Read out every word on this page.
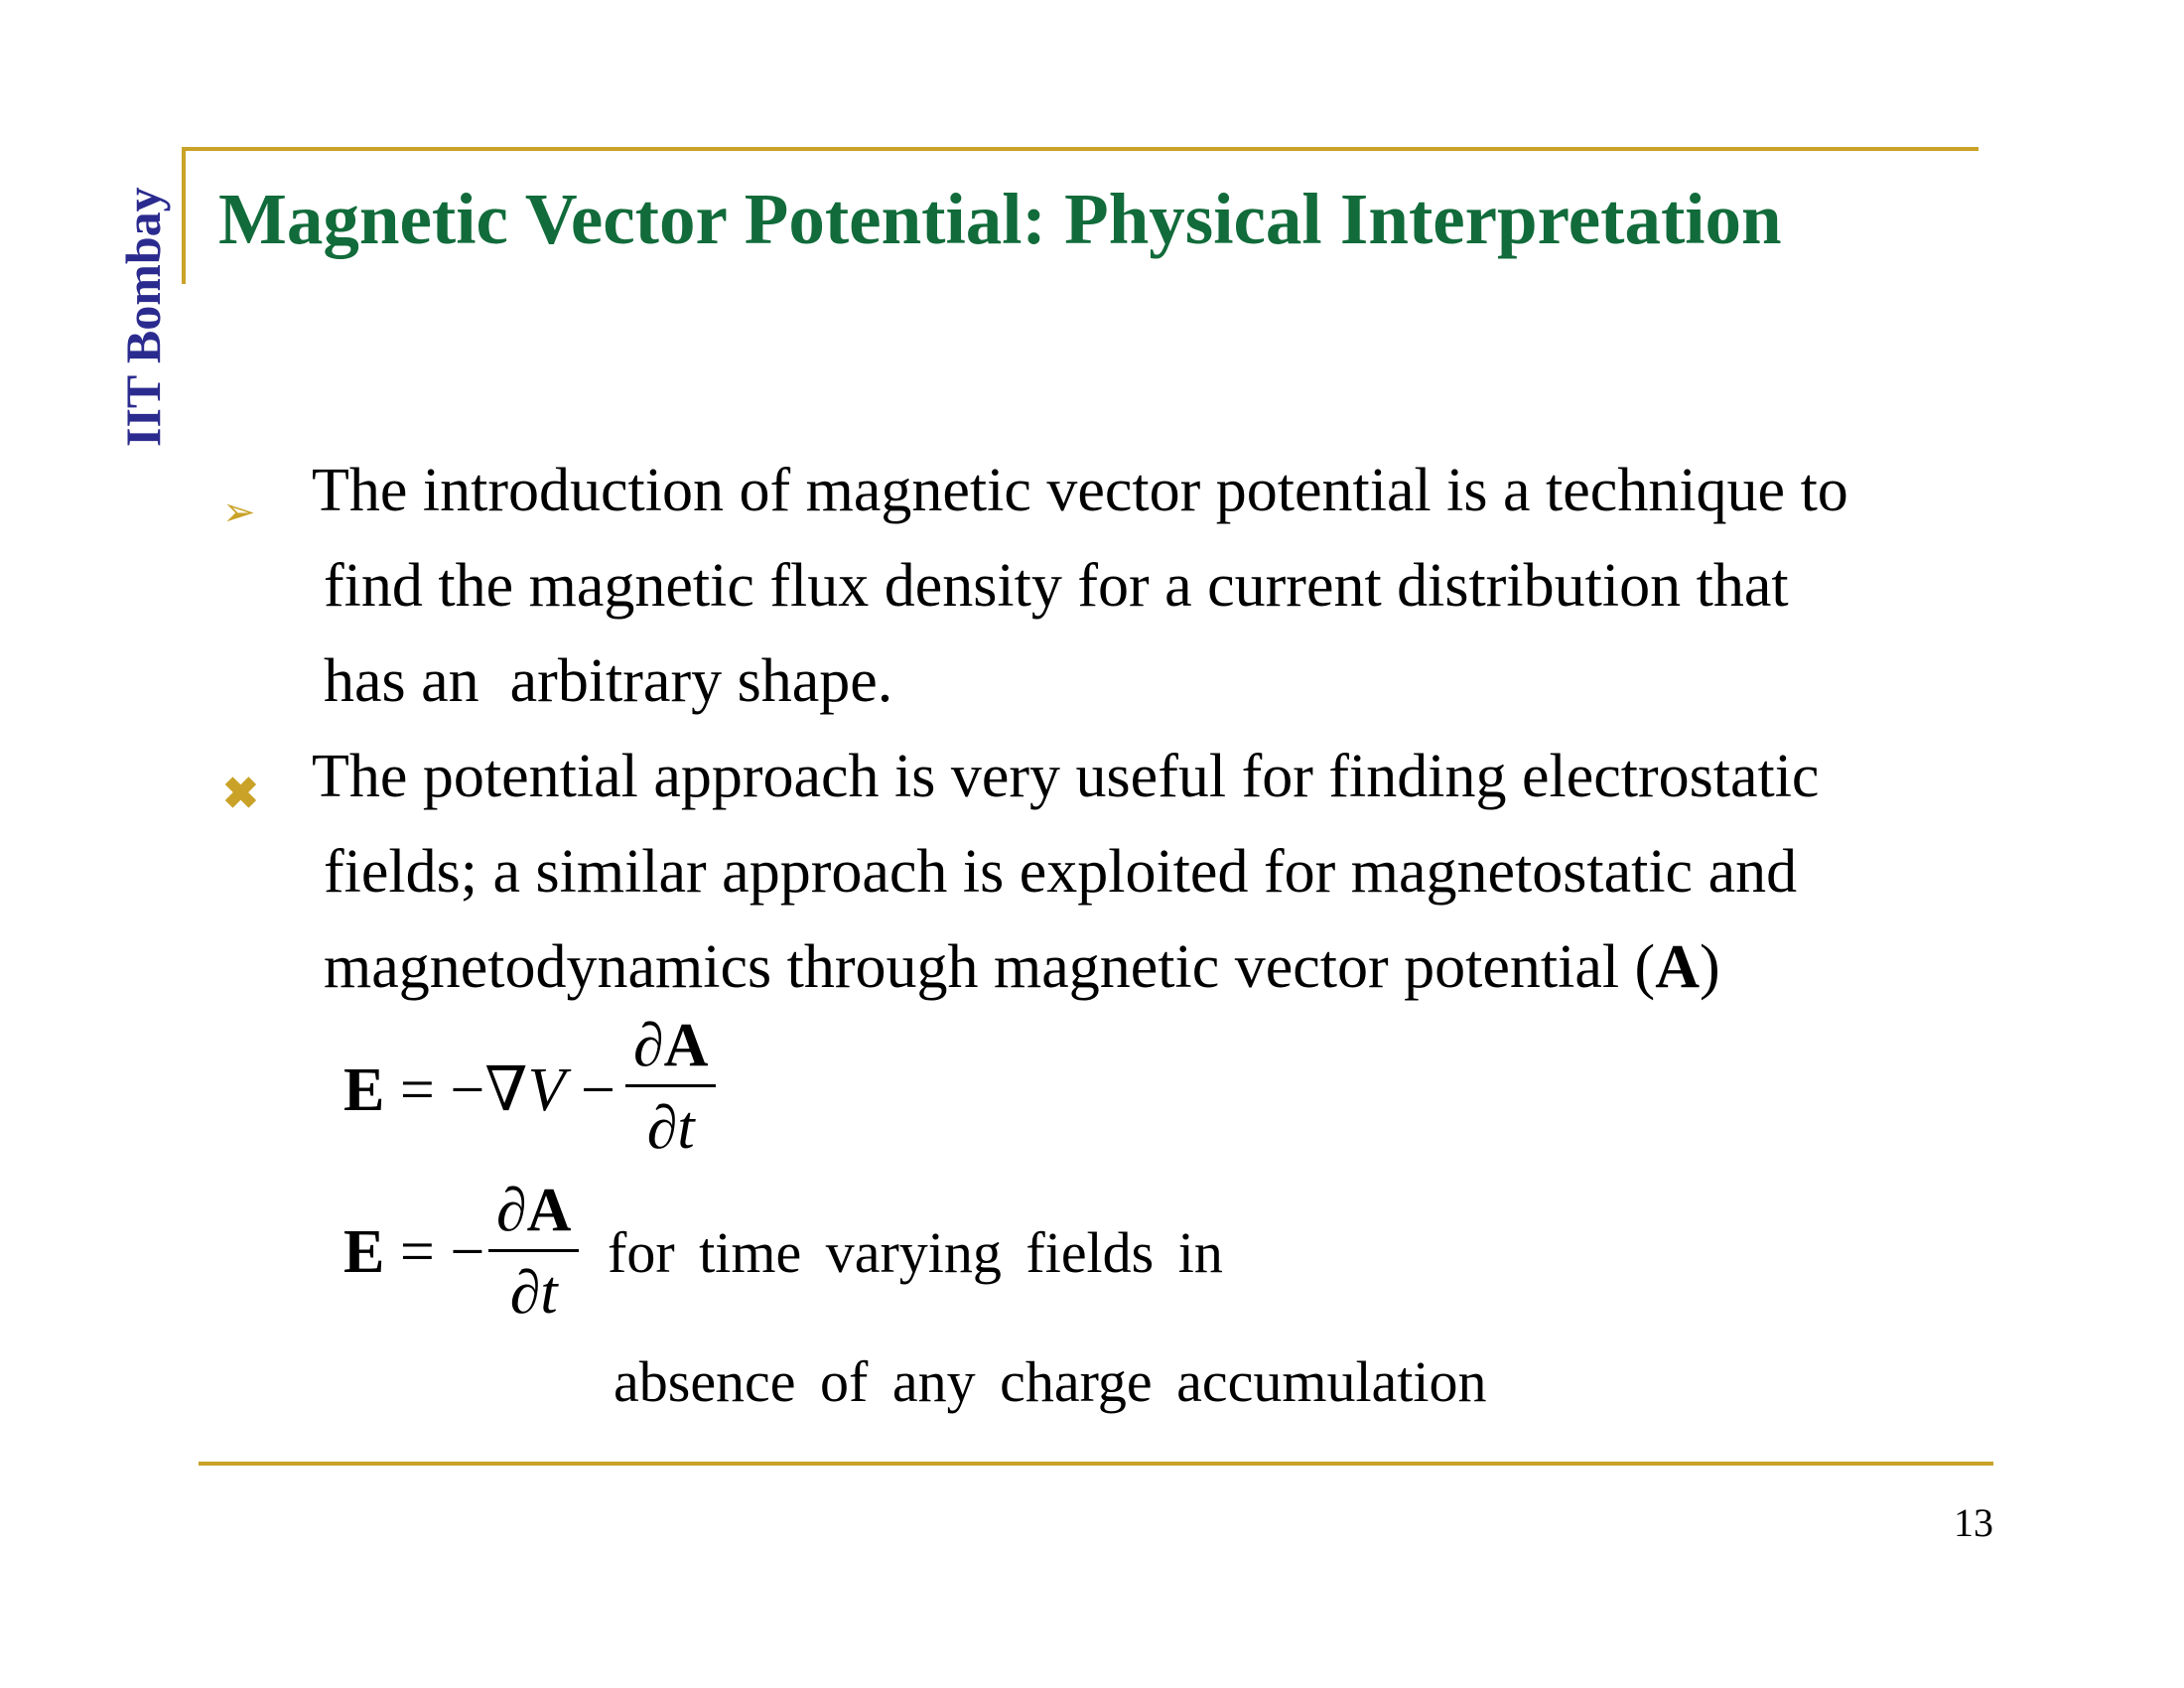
IIT Bombay Magnetic Vector Potential: Physical Interpretation
➢ The introduction of magnetic vector potential is a technique to
find the magnetic flux density for a current distribution that
has an  arbitrary shape.
✖ The potential approach is very useful for finding electrostatic
fields; a similar approach is exploited for magnetostatic and
magnetodynamics through magnetic vector potential (A)
$E = -\nabla V - \frac{\partial A}{\partial t}$
E = − $\frac{\partial A}{\partial t}$ for time varying fields in
absence of any charge accumulation
13
